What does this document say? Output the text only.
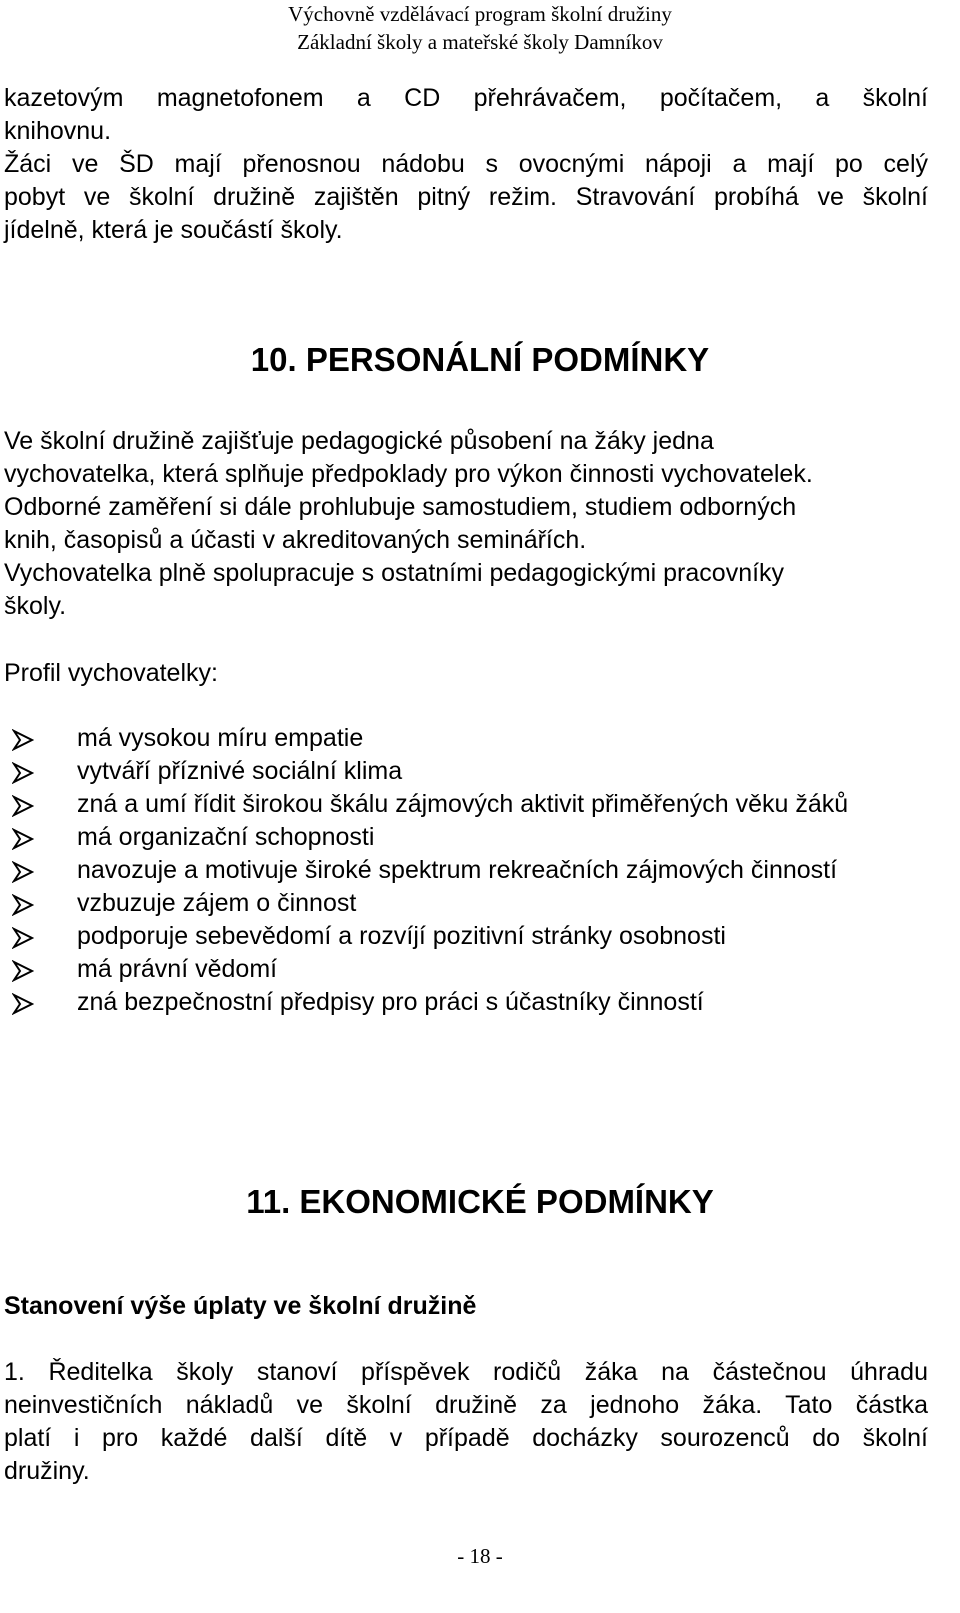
Výchovně vzdělávací program školní družiny
Základní školy a mateřské školy Damníkov
kazetovým magnetofonem a CD přehrávačem, počítačem, a školní
knihovnu.
Žáci ve ŠD mají přenosnou nádobu s ovocnými nápoji a mají po celý
pobyt ve školní družině zajištěn pitný režim. Stravování probíhá ve školní
jídelně, která je součástí školy.
10. PERSONÁLNÍ PODMÍNKY
Ve školní družině zajišťuje pedagogické působení na žáky jedna
vychovatelka, která splňuje předpoklady pro výkon činnosti vychovatelek.
Odborné zaměření si dále prohlubuje samostudiem, studiem odborných
knih, časopisů a účasti v akreditovaných seminářích.
Vychovatelka plně spolupracuje s ostatními pedagogickými pracovníky
školy.
Profil vychovatelky:
má vysokou míru empatie
vytváří příznivé sociální klima
zná a umí řídit širokou škálu zájmových aktivit přiměřených věku žáků
má organizační schopnosti
navozuje a motivuje široké spektrum rekreačních zájmových činností
vzbuzuje zájem o činnost
podporuje sebevědomí a rozvíjí pozitivní stránky osobnosti
má právní vědomí
zná bezpečnostní předpisy pro práci s účastníky činností
11. EKONOMICKÉ PODMÍNKY
Stanovení výše úplaty ve školní družině
1. Ředitelka školy stanoví příspěvek rodičů žáka na částečnou úhradu
neinvestičních nákladů ve školní družině za jednoho žáka. Tato částka
platí i pro každé další dítě v případě docházky sourozenců do školní
družiny.
- 18 -
